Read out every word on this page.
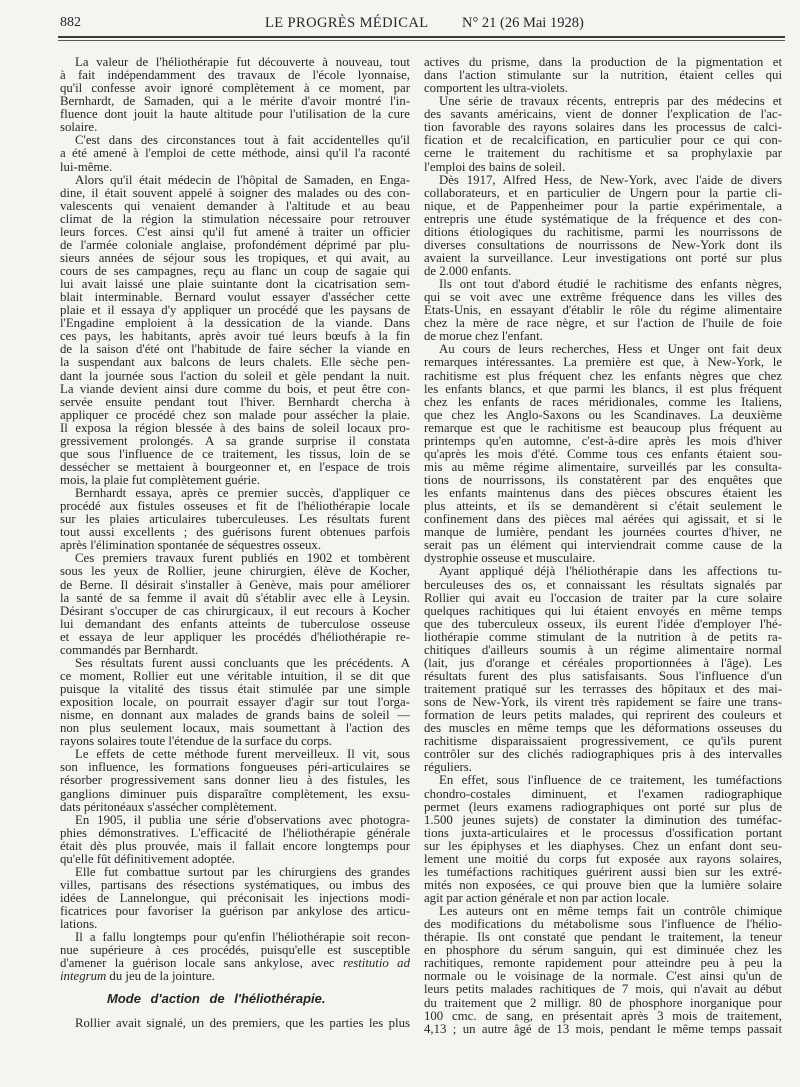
882	LE PROGRÈS MÉDICAL N° 21 (26 Mai 1928)
La valeur de l'héliothérapie fut découverte à nouveau, tout
à fait indépendamment des travaux de l'école lyonnaise,
qu'il confesse avoir ignoré complètement à ce moment, par
Bernhardt, de Samaden, qui a le mérite d'avoir montré l'in-
fluence dont jouit la haute altitude pour l'utilisation de la cure
solaire.
C'est dans des circonstances tout à fait accidentelles qu'il
a été amené à l'emploi de cette méthode, ainsi qu'il l'a raconté
lui-même.
Alors qu'il était médecin de l'hôpital de Samaden, en Enga-
dine, il était souvent appelé à soigner des malades ou des con-
valescents qui venaient demander à l'altitude et au beau
climat de la région la stimulation nécessaire pour retrouver
leurs forces. C'est ainsi qu'il fut amené à traiter un officier
de l'armée coloniale anglaise, profondément déprimé par plu-
sieurs années de séjour sous les tropiques, et qui avait, au
cours de ses campagnes, reçu au flanc un coup de sagaie qui
lui avait laissé une plaie suintante dont la cicatrisation sem-
blait interminable. Bernard voulut essayer d'assécher cette
plaie et il essaya d'y appliquer un procédé que les paysans de
l'Engadine emploient à la dessication de la viande. Dans
ces pays, les habitants, après avoir tué leurs bœufs à la fin
de la saison d'été ont l'habitude de faire sécher la viande en
la suspendant aux balcons de leurs chalets. Elle sèche pen-
dant la journée sous l'action du soleil et gèle pendant la nuit.
La viande devient ainsi dure comme du bois, et peut être con-
servée ensuite pendant tout l'hiver. Bernhardt chercha à
appliquer ce procédé chez son malade pour assécher la plaie.
Il exposa la région blessée à des bains de soleil locaux pro-
gressivement prolongés. A sa grande surprise il constata
que sous l'influence de ce traitement, les tissus, loin de se
dessécher se mettaient à bourgeonner et, en l'espace de trois
mois, la plaie fut complètement guérie.
Bernhardt essaya, après ce premier succès, d'appliquer ce
procédé aux fistules osseuses et fit de l'héliothérapie locale
sur les plaies articulaires tuberculeuses. Les résultats furent
tout aussi excellents ; des guérisons furent obtenues parfois
après l'élimination spontanée de séquestres osseux.
Ces premiers travaux furent publiés en 1902 et tombèrent
sous les yeux de Rollier, jeune chirurgien, élève de Kocher,
de Berne. Il désirait s'installer à Genève, mais pour améliorer
la santé de sa femme il avait dû s'établir avec elle à Leysin.
Désirant s'occuper de cas chirurgicaux, il eut recours à Kocher
lui demandant des enfants atteints de tuberculose osseuse
et essaya de leur appliquer les procédés d'héliothérapie re-
commandés par Bernhardt.
Ses résultats furent aussi concluants que les précédents. A
ce moment, Rollier eut une véritable intuition, il se dit que
puisque la vitalité des tissus était stimulée par une simple
exposition locale, on pourrait essayer d'agir sur tout l'orga-
nisme, en donnant aux malades de grands bains de soleil —
non plus seulement locaux, mais soumettant à l'action des
rayons solaires toute l'étendue de la surface du corps.
Le effets de cette méthode furent merveilleux. Il vit, sous
son influence, les formations fongueuses péri-articulaires se
résorber progressivement sans donner lieu à des fistules, les
ganglions diminuer puis disparaître complètement, les exsu-
dats péritonéaux s'assécher complètement.
En 1905, il publia une série d'observations avec photogra-
phies démonstratives. L'efficacité de l'héliothérapie générale
était dès plus prouvée, mais il fallait encore longtemps pour
qu'elle fût définitivement adoptée.
Elle fut combattue surtout par les chirurgiens des grandes
villes, partisans des résections systématiques, ou imbus des
idées de Lannelongue, qui préconisait les injections modi-
ficatrices pour favoriser la guérison par ankylose des articu-
lations.
Il a fallu longtemps pour qu'enfin l'héliothérapie soit recon-
nue supérieure à ces procédés, puisqu'elle est susceptible
d'amener la guérison locale sans ankylose, avec restitutio ad
integrum du jeu de la jointure.
Mode d'action de l'héliothérapie.
Rollier avait signalé, un des premiers, que les parties les plus
actives du prisme, dans la production de la pigmentation et
dans l'action stimulante sur la nutrition, étaient celles qui
comportent les ultra-violets.
Une série de travaux récents, entrepris par des médecins et
des savants américains, vient de donner l'explication de l'ac-
tion favorable des rayons solaires dans les processus de calci-
fication et de recalcification, en particulier pour ce qui con-
cerne le traitement du rachitisme et sa prophylaxie par
l'emploi des bains de soleil.
Dès 1917, Alfred Hess, de New-York, avec l'aide de divers
collaborateurs, et en particulier de Ungern pour la partie cli-
nique, et de Pappenheimer pour la partie expérimentale, a
entrepris une étude systématique de la fréquence et des con-
ditions étiologiques du rachitisme, parmi les nourrissons de
diverses consultations de nourrissons de New-York dont ils
avaient la surveillance. Leur investigations ont porté sur plus
de 2.000 enfants.
Ils ont tout d'abord étudié le rachitisme des enfants nègres,
qui se voit avec une extrême fréquence dans les villes des
Etats-Unis, en essayant d'établir le rôle du régime alimentaire
chez la mère de race nègre, et sur l'action de l'huile de foie
de morue chez l'enfant.
Au cours de leurs recherches, Hess et Unger ont fait deux
remarques intéressantes. La première est que, à New-York, le
rachitisme est plus fréquent chez les enfants nègres que chez
les enfants blancs, et que parmi les blancs, il est plus fréquent
chez les enfants de races méridionales, comme les Italiens,
que chez les Anglo-Saxons ou les Scandinaves. La deuxième
remarque est que le rachitisme est beaucoup plus fréquent au
printemps qu'en automne, c'est-à-dire après les mois d'hiver
qu'après les mois d'été. Comme tous ces enfants étaient sou-
mis au même régime alimentaire, surveillés par les consulta-
tions de nourrissons, ils constatèrent par des enquêtes que
les enfants maintenus dans des pièces obscures étaient les
plus atteints, et ils se demandèrent si c'était seulement le
confinement dans des pièces mal aérées qui agissait, et si le
manque de lumière, pendant les journées courtes d'hiver, ne
serait pas un élément qui interviendrait comme cause de la
dystrophie osseuse et musculaire.
Ayant appliqué déjà l'héliothérapie dans les affections tu-
berculeuses des os, et connaissant les résultats signalés par
Rollier qui avait eu l'occasion de traiter par la cure solaire
quelques rachitiques qui lui étaient envoyés en même temps
que des tuberculeux osseux, ils eurent l'idée d'employer l'hé-
liothérapie comme stimulant de la nutrition à de petits ra-
chitiques d'ailleurs soumis à un régime alimentaire normal
(lait, jus d'orange et céréales proportionnées à l'âge). Les
résultats furent des plus satisfaisants. Sous l'influence d'un
traitement pratiqué sur les terrasses des hôpitaux et des mai-
sons de New-York, ils virent très rapidement se faire une trans-
formation de leurs petits malades, qui reprirent des couleurs et
des muscles en même temps que les déformations osseuses du
rachitisme disparaissaient progressivement, ce qu'ils purent
contrôler sur des clichés radiographiques pris à des intervalles
réguliers.
En effet, sous l'influence de ce traitement, les tuméfactions
chondro-costales diminuent, et l'examen radiographique
permet (leurs examens radiographiques ont porté sur plus de
1.500 jeunes sujets) de constater la diminution des tuméfac-
tions juxta-articulaires et le processus d'ossification portant
sur les épiphyses et les diaphyses. Chez un enfant dont seu-
lement une moitié du corps fut exposée aux rayons solaires,
les tuméfactions rachitiques guérirent aussi bien sur les extré-
mités non exposées, ce qui prouve bien que la lumière solaire
agit par action générale et non par action locale.
Les auteurs ont en même temps fait un contrôle chimique
des modifications du métabolisme sous l'influence de l'hélio-
thérapie. Ils ont constaté que pendant le traitement, la teneur
en phosphore du sérum sanguin, qui est diminuée chez les
rachitiques, remonte rapidement pour atteindre peu à peu la
normale ou le voisinage de la normale. C'est ainsi qu'un de
leurs petits malades rachitiques de 7 mois, qui n'avait au début
du traitement que 2 milligr. 80 de phosphore inorganique pour
100 cmc. de sang, en présentait après 3 mois de traitement,
4,13 ; un autre âgé de 13 mois, pendant le même temps passait
